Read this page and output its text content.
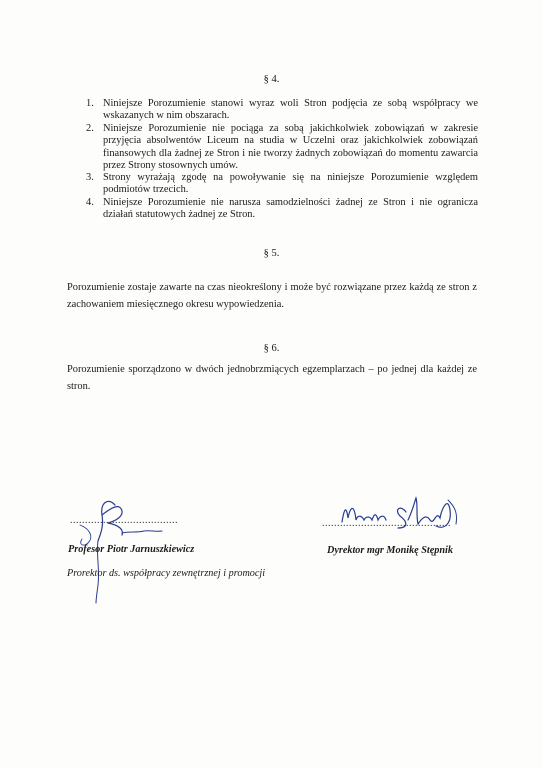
§ 4.
1. Niniejsze Porozumienie stanowi wyraz woli Stron podjęcia ze sobą współpracy we wskazanych w nim obszarach.
2. Niniejsze Porozumienie nie pociąga za sobą jakichkolwiek zobowiązań w zakresie przyjęcia absolwentów Liceum na studia w Uczelni oraz jakichkolwiek zobowiązań finansowych dla żadnej ze Stron i nie tworzy żadnych zobowiązań do momentu zawarcia przez Strony stosownych umów.
3. Strony wyrażają zgodę na powoływanie się na niniejsze Porozumienie względem podmiotów trzecich.
4. Niniejsze Porozumienie nie narusza samodzielności żadnej ze Stron i nie ogranicza działań statutowych żadnej ze Stron.
§ 5.
Porozumienie zostaje zawarte na czas nieokreślony i może być rozwiązane przez każdą ze stron z zachowaniem miesięcznego okresu wypowiedzenia.
§ 6.
Porozumienie sporządzono w dwóch jednobrzmiących egzemplarzach – po jednej dla każdej ze stron.
....................................
Profesor Piotr Jarnuszkiewicz
Prorektor ds. współpracy zewnętrznej i promocji
...........................................
Dyrektor mgr Monikę Stępnik
